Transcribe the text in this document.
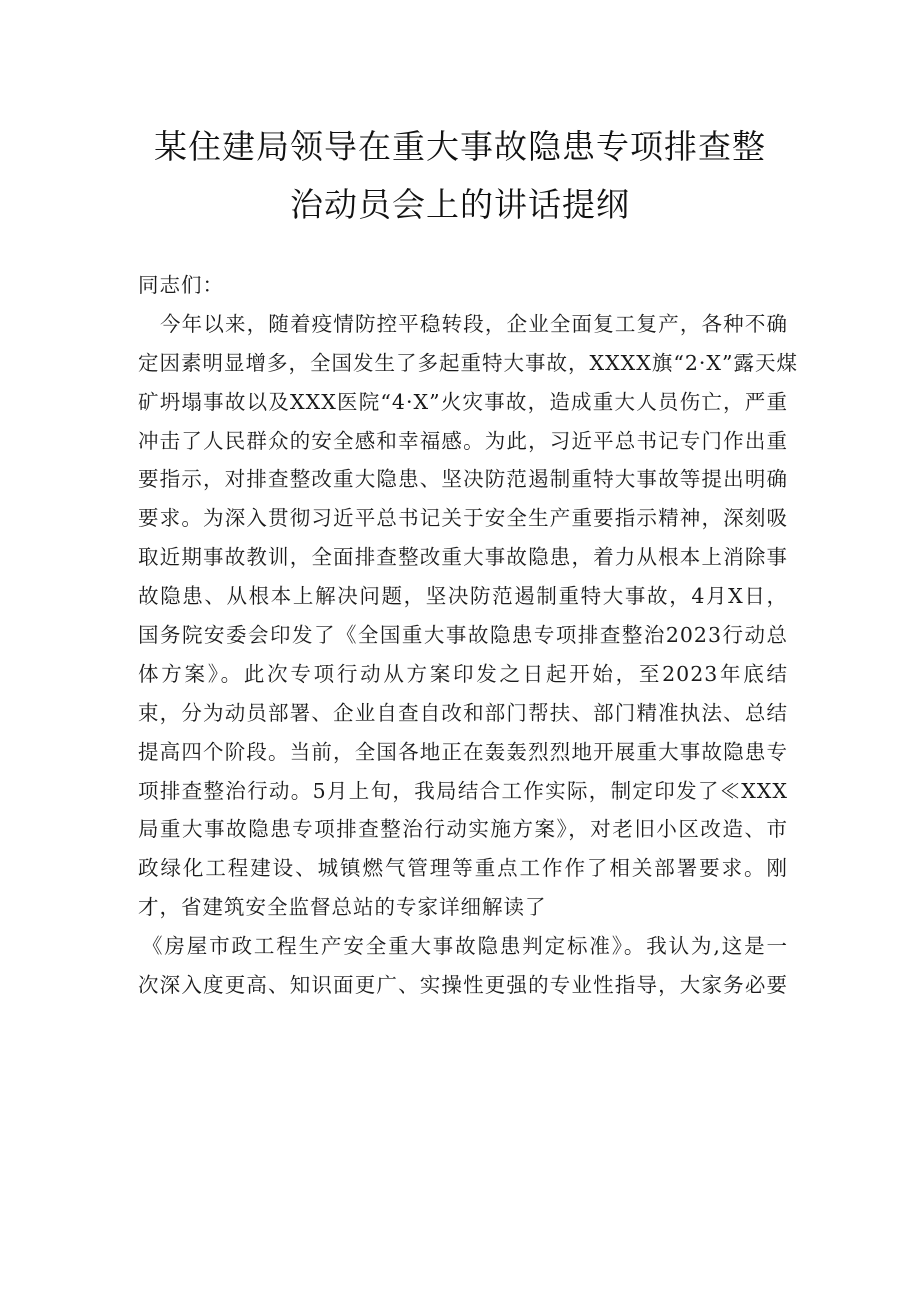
某住建局领导在重大事故隐患专项排查整
治动员会上的讲话提纲
同志们：
今年以来，随着疫情防控平稳转段，企业全面复工复产，各种不确
定因素明显增多，全国发生了多起重特大事故，XXXX旗“2·X”露天煤
矿坍塌事故以及XXX医院“4·X”火灾事故，造成重大人员伤亡，严重
冲击了人民群众的安全感和幸福感。为此，习近平总书记专门作出重
要指示，对排查整改重大隐患、坚决防范遏制重特大事故等提出明确
要求。为深入贯彻习近平总书记关于安全生产重要指示精神，深刻吸
取近期事故教训，全面排查整改重大事故隐患，着力从根本上消除事
故隐患、从根本上解决问题，坚决防范遏制重特大事故，4月X日，
国务院安委会印发了《全国重大事故隐患专项排查整治2023行动总
体方案》。此次专项行动从方案印发之日起开始，至2023年底结
束，分为动员部署、企业自查自改和部门帮扶、部门精准执法、总结
提高四个阶段。当前，全国各地正在轰轰烈烈地开展重大事故隐患专
项排查整治行动。5月上旬，我局结合工作实际，制定印发了≪XXX
局重大事故隐患专项排查整治行动实施方案》，对老旧小区改造、市
政绿化工程建设、城镇燃气管理等重点工作作了相关部署要求。刚
才，省建筑安全监督总站的专家详细解读了
《房屋市政工程生产安全重大事故隐患判定标准》。我认为,这是一
次深入度更高、知识面更广、实操性更强的专业性指导，大家务必要
